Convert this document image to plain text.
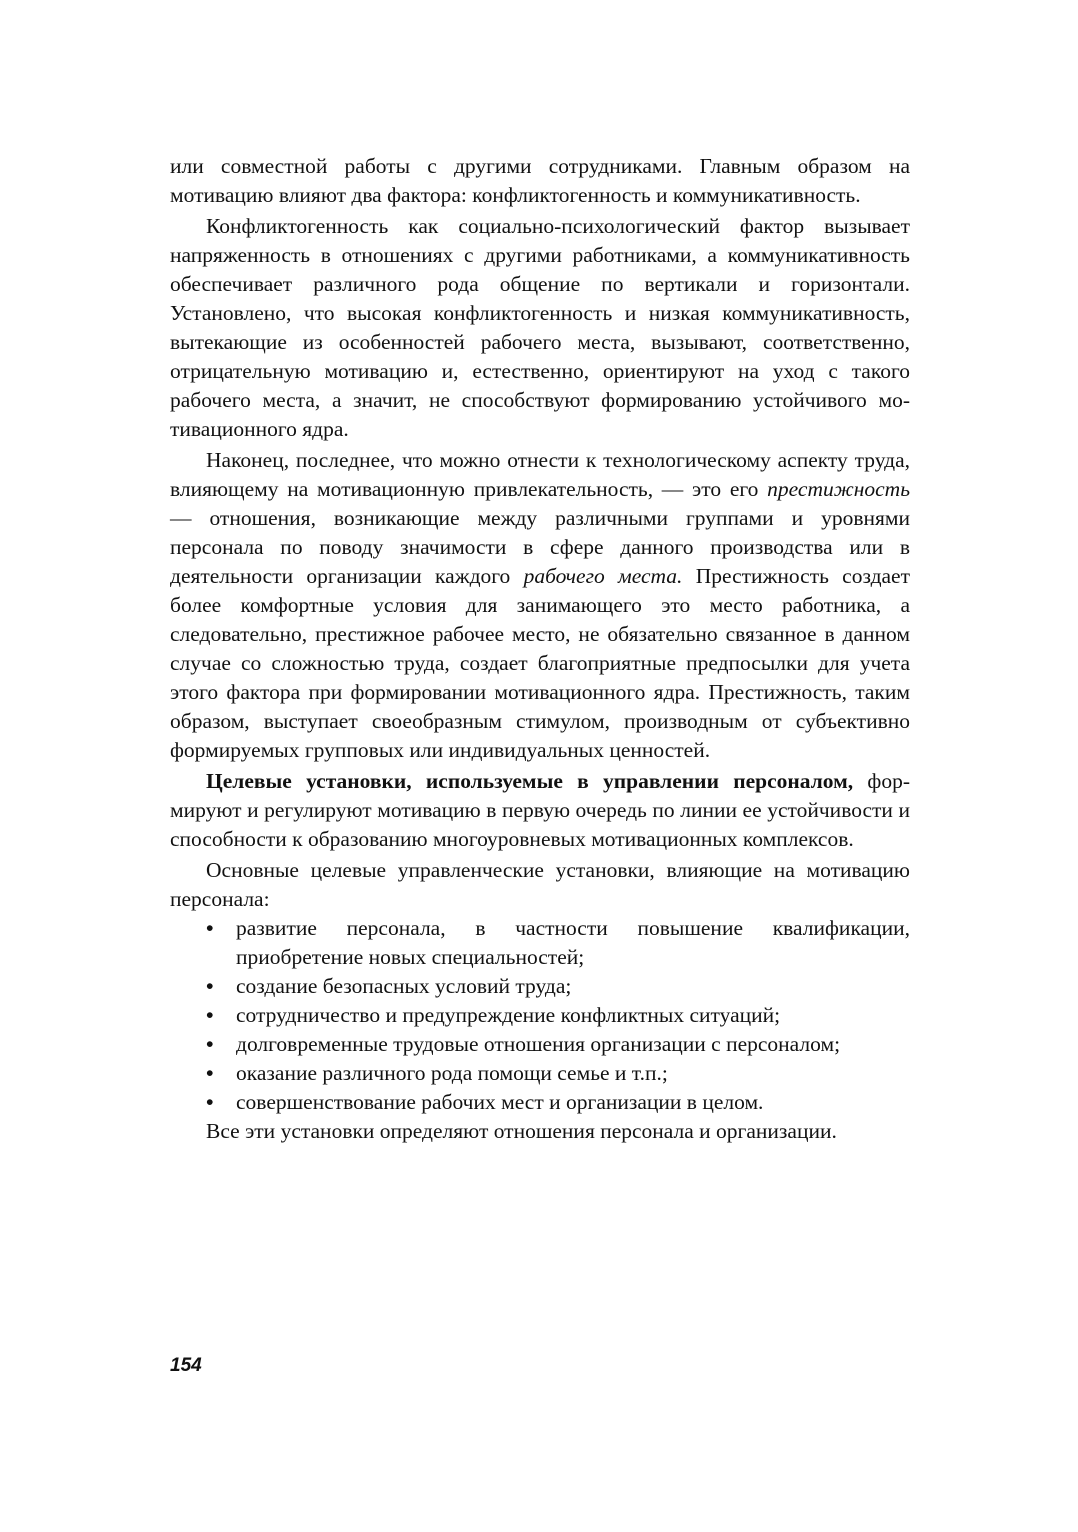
или совместной работы с другими сотрудниками. Главным образом на мотивацию влияют два фактора: конфликтогенность и коммуникативность.

Конфликтогенность как социально-психологический фактор вызывает напряженность в отношениях с другими работниками, а коммуникативность обеспечивает различного рода общение по вертикали и горизонтали. Установлено, что высокая конфликтогенность и низкая коммуникативность, вытекающие из особенностей рабочего места, вызывают, соответственно, отрицательную мотивацию и, естественно, ориентируют на уход с такого рабочего места, а значит, не способствуют формированию устойчивого мотивационного ядра.

Наконец, последнее, что можно отнести к технологическому аспекту труда, влияющему на мотивационную привлекательность, — это его престижность — отношения, возникающие между различными группами и уровнями персонала по поводу значимости в сфере данного производства или в деятельности организации каждого рабочего места. Престижность создает более комфортные условия для занимающего это место работника, а следовательно, престижное рабочее место, не обязательно связанное в данном случае со сложностью труда, создает благоприятные предпосылки для учета этого фактора при формировании мотивационного ядра. Престижность, таким образом, выступает своеобразным стимулом, производным от субъективно формируемых групповых или индивидуальных ценностей.

Целевые установки, используемые в управлении персоналом, формируют и регулируют мотивацию в первую очередь по линии ее устойчивости и способности к образованию многоуровневых мотивационных комплексов.

Основные целевые управленческие установки, влияющие на мотивацию персонала:

• развитие персонала, в частности повышение квалификации, приобретение новых специальностей;
• создание безопасных условий труда;
• сотрудничество и предупреждение конфликтных ситуаций;
• долговременные трудовые отношения организации с персоналом;
• оказание различного рода помощи семье и т.п.;
• совершенствование рабочих мест и организации в целом.

Все эти установки определяют отношения персонала и организации.

154
